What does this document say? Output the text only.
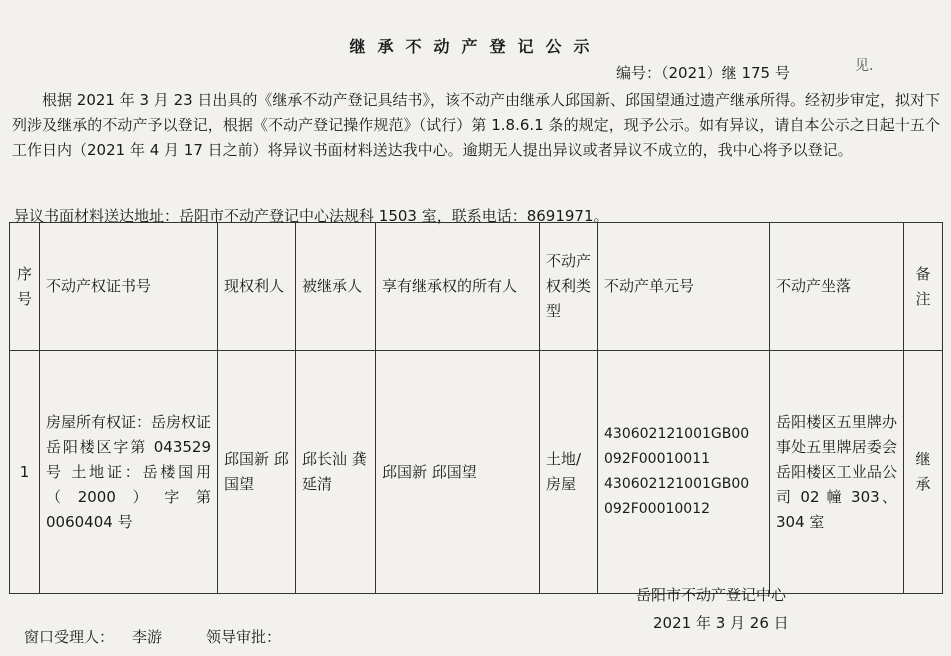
继承不动产登记公示
编号：（2021）继 175 号	见.

根据 2021 年 3 月 23 日出具的《继承不动产登记具结书》，该不动产由继承人邱国新、邱国望通过遗产继承所得。经初步审定，拟对下列涉及继承的不动产予以登记，根据《不动产登记操作规范》（试行）第 1.8.6.1 条的规定，现予公示。如有异议，请自本公示之日起十五个工作日内（2021 年 4 月 17 日之前）将异议书面材料送达我中心。逾期无人提出异议或者异议不成立的，我中心将予以登记。

异议书面材料送达地址：岳阳市不动产登记中心法规科 1503 室，联系电话：8691971。
序号	不动产权证书号	现权利人	被继承人	享有继承权的所有人	不动产权利类型	不动产单元号	不动产坐落	备注
1	房屋所有权证：岳房权证岳阳楼区字第 043529 号 土地证：岳楼国用（2000）字第 0060404 号	邱国新 邱国望	邱长汕 龚延清	邱国新 邱国望	土地/房屋	430602121001GB00
092F00010011
430602121001GB00
092F00010012	岳阳楼区五里牌办事处五里牌居委会岳阳楼区工业品公司 02 幢 303、304 室	继承
岳阳市不动产登记中心
2021 年 3 月 26 日
窗口受理人： 李游	领导审批：
